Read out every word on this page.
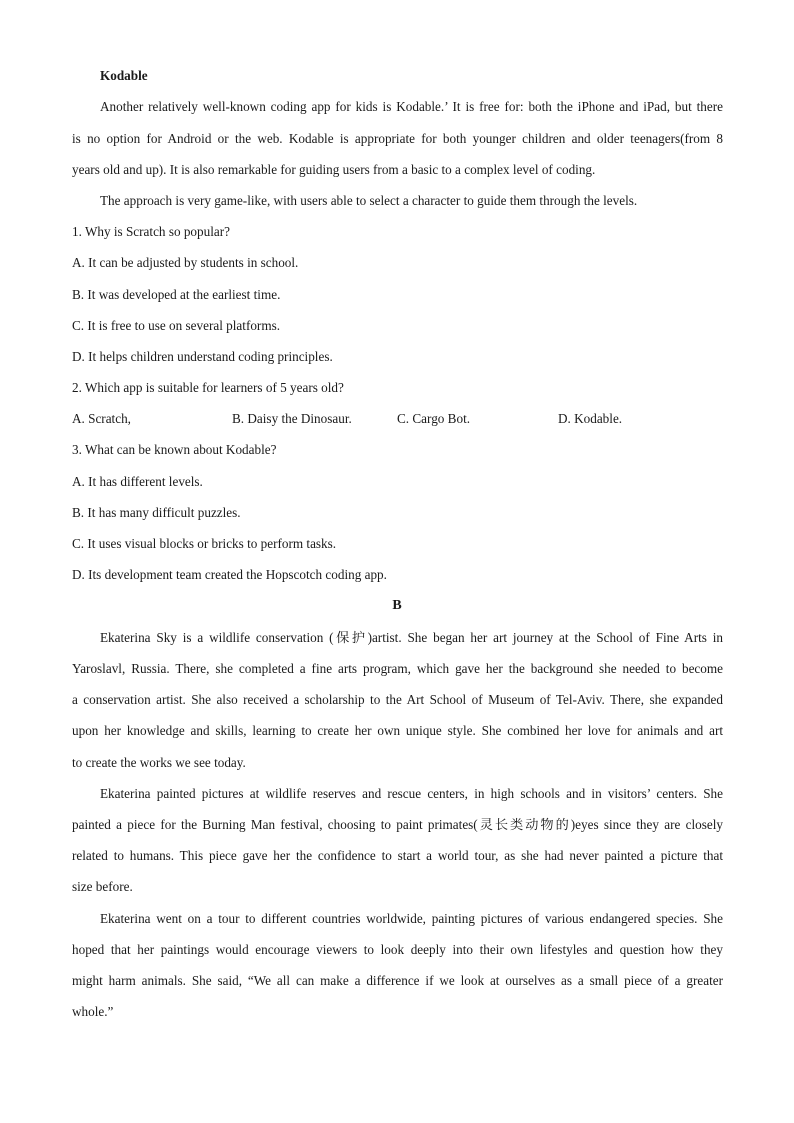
Kodable
Another relatively well-known coding app for kids is Kodable.’ It is free for: both the iPhone and iPad, but there
is no option for Android or the web. Kodable is appropriate for both younger children and older teenagers(from 8
years old and up). It is also remarkable for guiding users from a basic to a complex level of coding.
The approach is very game-like, with users able to select a character to guide them through the levels.
1. Why is Scratch so popular?
A. It can be adjusted by students in school.
B. It was developed at the earliest time.
C. It is free to use on several platforms.
D. It helps children understand coding principles.
2. Which app is suitable for learners of 5 years old?
A. Scratch,	B. Daisy the Dinosaur.	C. Cargo Bot.	D. Kodable.
3. What can be known about Kodable?
A. It has different levels.
B. It has many difficult puzzles.
C. It uses visual blocks or bricks to perform tasks.
D. Its development team created the Hopscotch coding app.
B
Ekaterina Sky is a wildlife conservation (保护)artist. She began her art journey at the School of Fine Arts in
Yaroslavl, Russia. There, she completed a fine arts program, which gave her the background she needed to become
a conservation artist. She also received a scholarship to the Art School of Museum of Tel-Aviv. There, she expanded
upon her knowledge and skills, learning to create her own unique style. She combined her love for animals and art
to create the works we see today.
Ekaterina painted pictures at wildlife reserves and rescue centers, in high schools and in visitors’ centers. She
painted a piece for the Burning Man festival, choosing to paint primates(灵长类动物的)eyes since they are closely
related to humans. This piece gave her the confidence to start a world tour, as she had never painted a picture that
size before.
Ekaterina went on a tour to different countries worldwide, painting pictures of various endangered species. She
hoped that her paintings would encourage viewers to look deeply into their own lifestyles and question how they
might harm animals. She said, “We all can make a difference if we look at ourselves as a small piece of a greater
whole.”
